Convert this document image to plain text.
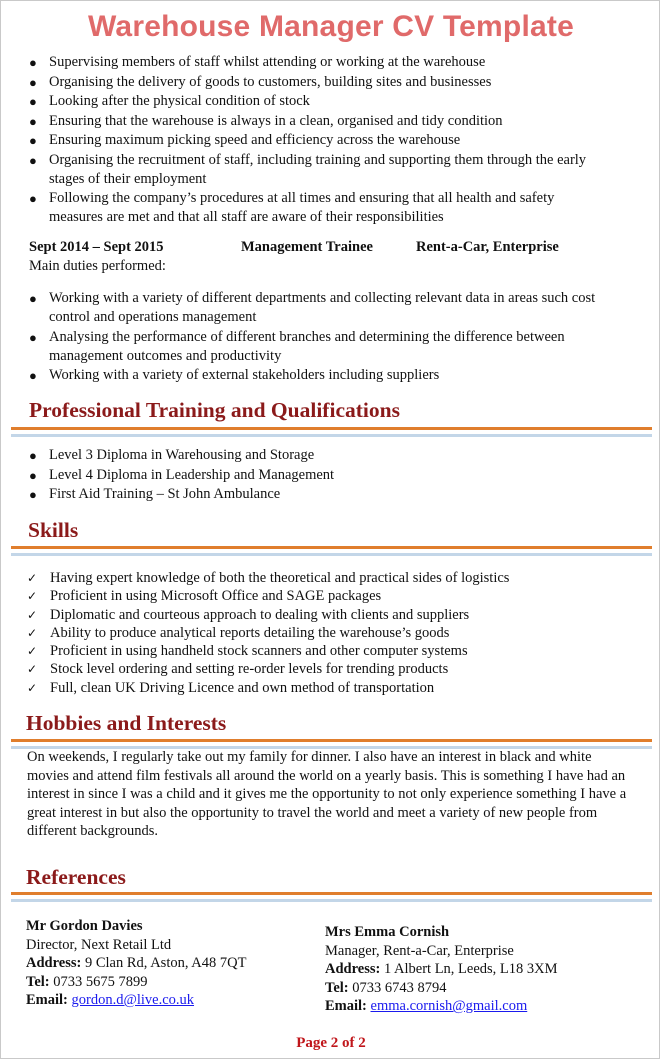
Warehouse Manager CV Template
● Supervising members of staff whilst attending or working at the warehouse
● Organising the delivery of goods to customers, building sites and businesses
● Looking after the physical condition of stock
● Ensuring that the warehouse is always in a clean, organised and tidy condition
● Ensuring maximum picking speed and efficiency across the warehouse
● Organising the recruitment of staff, including training and supporting them through the early stages of their employment
● Following the company’s procedures at all times and ensuring that all health and safety measures are met and that all staff are aware of their responsibilities
Sept 2014 – Sept 2015	Management Trainee	Rent-a-Car, Enterprise
Main duties performed:
● Working with a variety of different departments and collecting relevant data in areas such cost control and operations management
● Analysing the performance of different branches and determining the difference between management outcomes and productivity
● Working with a variety of external stakeholders including suppliers
Professional Training and Qualifications
● Level 3 Diploma in Warehousing and Storage
● Level 4 Diploma in Leadership and Management
● First Aid Training – St John Ambulance
Skills
✓ Having expert knowledge of both the theoretical and practical sides of logistics
✓ Proficient in using Microsoft Office and SAGE packages
✓ Diplomatic and courteous approach to dealing with clients and suppliers
✓ Ability to produce analytical reports detailing the warehouse’s goods
✓ Proficient in using handheld stock scanners and other computer systems
✓ Stock level ordering and setting re-order levels for trending products
✓ Full, clean UK Driving Licence and own method of transportation
Hobbies and Interests
On weekends, I regularly take out my family for dinner. I also have an interest in black and white movies and attend film festivals all around the world on a yearly basis. This is something I have had an interest in since I was a child and it gives me the opportunity to not only experience something I have a great interest in but also the opportunity to travel the world and meet a variety of new people from different backgrounds.
References
Mr Gordon Davies
Director, Next Retail Ltd
Address: 9 Clan Rd, Aston, A48 7QT
Tel: 0733 5675 7899
Email: gordon.d@live.co.uk
Mrs Emma Cornish
Manager, Rent-a-Car, Enterprise
Address: 1 Albert Ln, Leeds, L18 3XM
Tel: 0733 6743 8794
Email: emma.cornish@gmail.com
Page 2 of 2
